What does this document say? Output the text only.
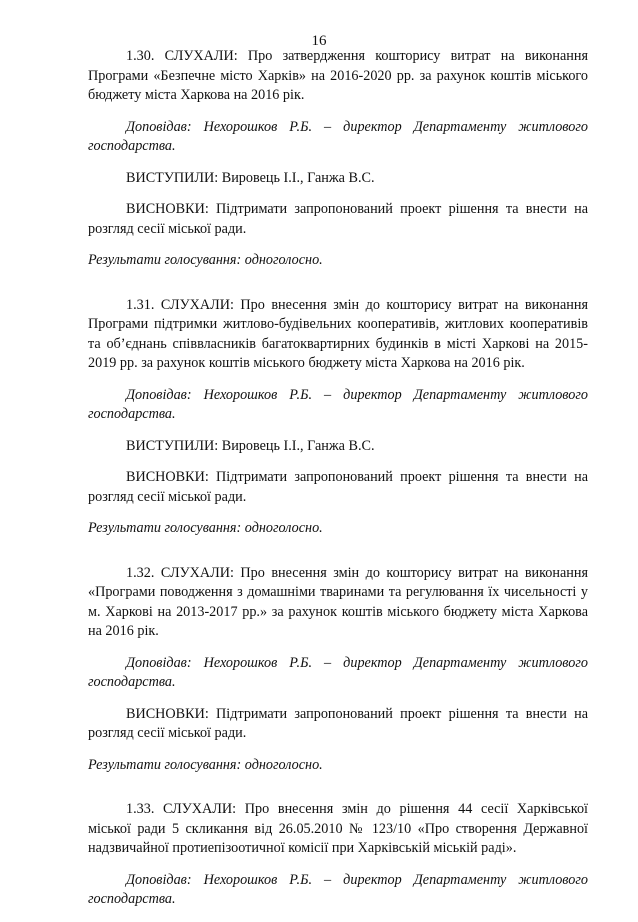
16

1.30. СЛУХАЛИ: Про затвердження кошторису витрат на виконання Програми «Безпечне місто Харків» на 2016-2020 рр. за рахунок коштів міського бюджету міста Харкова на 2016 рік.

Доповідав: Нехорошков Р.Б. – директор Департаменту житлового господарства.

ВИСТУПИЛИ: Вировець І.І., Ганжа В.С.

ВИСНОВКИ: Підтримати запропонований проект рішення та внести на розгляд сесії міської ради.

Результати голосування: одноголосно.

1.31. СЛУХАЛИ: Про внесення змін до кошторису витрат на виконання Програми підтримки житлово-будівельних кооперативів, житлових кооперативів та об’єднань співвласників багатоквартирних будинків в місті Харкові на 2015-2019 рр. за рахунок коштів міського бюджету міста Харкова на 2016 рік.

Доповідав: Нехорошков Р.Б. – директор Департаменту житлового господарства.

ВИСТУПИЛИ: Вировець І.І., Ганжа В.С.

ВИСНОВКИ: Підтримати запропонований проект рішення та внести на розгляд сесії міської ради.

Результати голосування: одноголосно.

1.32. СЛУХАЛИ: Про внесення змін до кошторису витрат на виконання «Програми поводження з домашніми тваринами та регулювання їх чисельності у м. Харкові на 2013-2017 рр.» за рахунок коштів міського бюджету міста Харкова на 2016 рік.

Доповідав: Нехорошков Р.Б. – директор Департаменту житлового господарства.

ВИСНОВКИ: Підтримати запропонований проект рішення та внести на розгляд сесії міської ради.

Результати голосування: одноголосно.

1.33. СЛУХАЛИ: Про внесення змін до рішення 44 сесії Харківської міської ради 5 скликання від 26.05.2010 № 123/10 «Про створення Державної надзвичайної протиепізоотичної комісії при Харківській міській раді».

Доповідав: Нехорошков Р.Б. – директор Департаменту житлового господарства.
